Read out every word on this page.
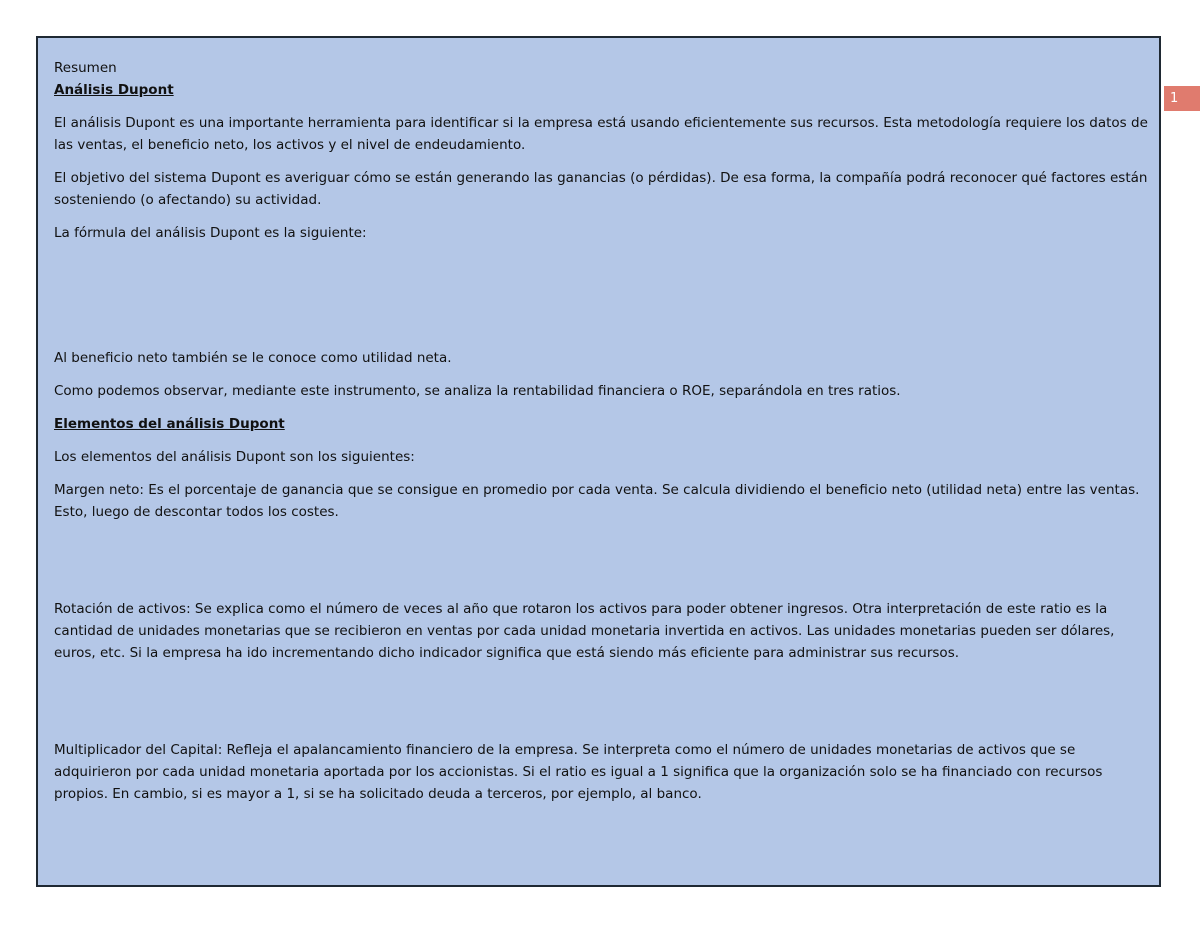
Resumen

Análisis Dupont

El análisis Dupont es una importante herramienta para identificar si la empresa está usando eficientemente sus recursos. Esta metodología requiere los datos de las ventas, el beneficio neto, los activos y el nivel de endeudamiento.

El objetivo del sistema Dupont es averiguar cómo se están generando las ganancias (o pérdidas). De esa forma, la compañía podrá reconocer qué factores están sosteniendo (o afectando) su actividad.

La fórmula del análisis Dupont es la siguiente:

Al beneficio neto también se le conoce como utilidad neta.

Como podemos observar, mediante este instrumento, se analiza la rentabilidad financiera o ROE, separándola en tres ratios.

Elementos del análisis Dupont

Los elementos del análisis Dupont son los siguientes:

Margen neto: Es el porcentaje de ganancia que se consigue en promedio por cada venta. Se calcula dividiendo el beneficio neto (utilidad neta) entre las ventas. Esto, luego de descontar todos los costes.

Rotación de activos: Se explica como el número de veces al año que rotaron los activos para poder obtener ingresos. Otra interpretación de este ratio es la cantidad de unidades monetarias que se recibieron en ventas por cada unidad monetaria invertida en activos. Las unidades monetarias pueden ser dólares, euros, etc. Si la empresa ha ido incrementando dicho indicador significa que está siendo más eficiente para administrar sus recursos.

Multiplicador del Capital: Refleja el apalancamiento financiero de la empresa. Se interpreta como el número de unidades monetarias de activos que se adquirieron por cada unidad monetaria aportada por los accionistas. Si el ratio es igual a 1 significa que la organización solo se ha financiado con recursos propios. En cambio, si es mayor a 1, si se ha solicitado deuda a terceros, por ejemplo, al banco.

1
